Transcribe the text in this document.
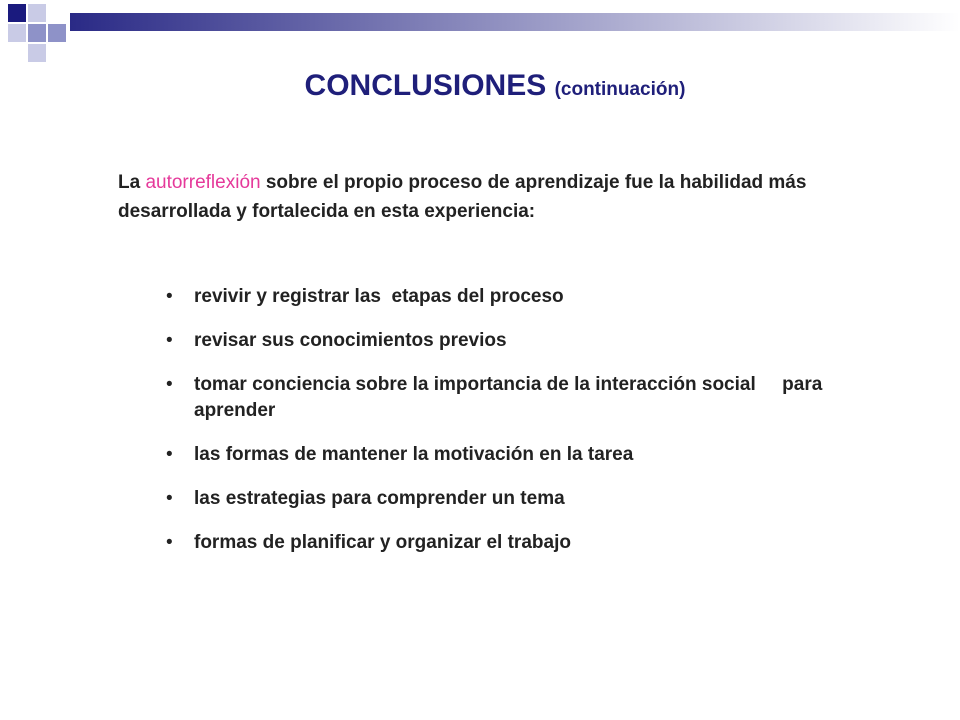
CONCLUSIONES (continuación)

La autorreflexión sobre el propio proceso de aprendizaje fue la habilidad más desarrollada y fortalecida en esta experiencia:

• revivir y registrar las  etapas del proceso
• revisar sus conocimientos previos
• tomar conciencia sobre la importancia de la interacción social     para aprender
• las formas de mantener la motivación en la tarea
• las estrategias para comprender un tema
• formas de planificar y organizar el trabajo
